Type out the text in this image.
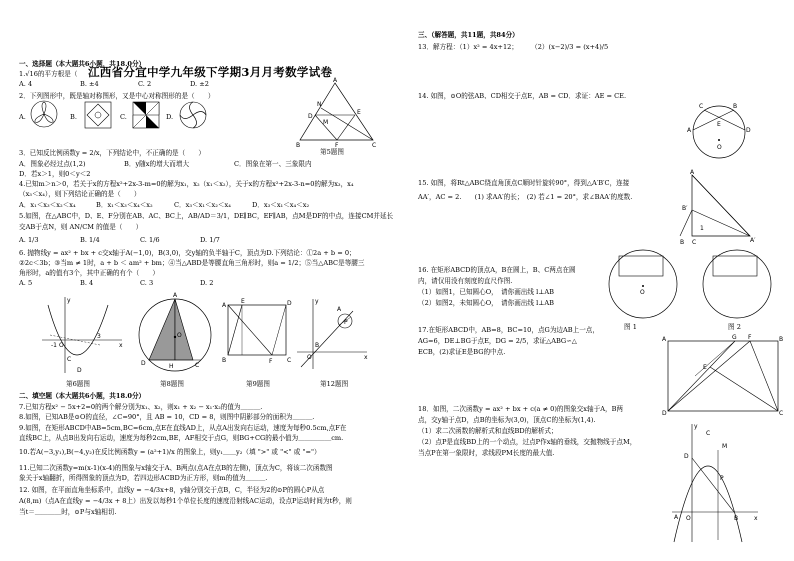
江西省分宜中学九年级下学期3月月考数学试卷
一、选择题（本大题共6小题，共18.0分）
1.√16的平方根是（　　）
A. 4	B. ±4	C. 2	D. ±2
2．下列图形中，既是轴对称图形，又是中心对称图形的是（　　）
A.	B.	C.	D.
3．已知反比例函数y = 2/x，下列结论中，不正确的是（　　）
A．图象必经过点(1,2)	B．y随x的增大而增大	C．图象在第一、三象限内
D．若x＞1，则0＜y＜2
4.已知m＞n＞0，若关于x的方程x²+2x-3-m=0的解为x₁，x₂（x₁＜x₂），关于x的方程x²+2x-3-n=0的解为x₃，x₄
（x₃＜x₄），则下列结论正确的是（　　）
A．x₁＜x₃＜x₂＜x₄	B．x₁＜x₃＜x₄＜x₂	C．x₃＜x₁＜x₂＜x₄	D．x₃＜x₁＜x₄＜x₂
5.如图，在△ABC中，D、E、F分别在AB、AC、BC上，AB/AD＝3/1，DE∥BC，EF∥AB，点M是DF的中点，连接CM并延长
交AB于点N，则 AN/CM 的值是（　　）
A. 1/3	B. 1/4	C. 1/6	D. 1/7
6. 抛物线y = ax² + bx + c交x轴于A(−1,0)，B(3,0)，交y轴的负半轴于C，顶点为D.下列结论：①2a + b = 0；
②2c＜3b；③当m ≠ 1时，a + b ＜ am² + bm；④当△ABD是等腰直角三角形时，则a = 1/2；⑤当△ABC是等腰三
角形时，a的值有3个，其中正确的有个（　　）
A. 5	B. 4	C. 3	D. 2
A
N
D
E
M
B	F	C
第5题图
y
x
-1 O
3
C
D
第6题图
A
O
D	H	C
第8题图
A
E	D
B	F C
第9题图
y
x
O
B
A
P
第12题图
二、填空题（本大题共6小题，共18.0分）
7.已知方程x² − 5x+2=0的两个解分别为x₁、x₂，则x₁ + x₂ − x₁·x₂的值为＿＿＿.
8.如图，已知AB是⊙O的直径，∠C=90°，且 AB = 10，CD = 8，则图中阴影部分的面积为＿＿＿.
9.如图，在矩形ABCD中AB=5cm,BC=6cm,点E在直线AD上，从点A出发向右运动，速度为每秒0.5cm,点F在
直线BC上，从点B出发向右运动，速度为每秒2cm,BE，AF相交于点G，则BG+CG的最小值为＿＿＿＿＿cm.
10.若A(−3,y₁),B(−4,y₂)在反比例函数y = (a²+1)/x 的图象上，则y₁＿＿y₂（填 ">" 或 "<" 或 "="）
11.已知二次函数y=m(x-1)(x-4)的图象与x轴交于A、B两点(点A在点B的左侧)，顶点为C，将该二次函数图
象关于x轴翻折，所得图象的顶点为D，若四边形ACBD为正方形，则m的值为＿＿＿.
12. 如图，在平面直角坐标系中，直线y = −4/3x+8，y轴分别交于点B，C，半径为2的⊙P的圆心P从点
A(8,m)（点A在直线y = −4/3x + 8上）出发以每秒1个单位长度的速度沿射线AC运动，设点P运动时间为t秒，则
当t＝＿＿＿＿时，⊙P与x轴相切.
三、（解答题，共11题，共84分）
13．解方程：（1）x² = 4x+12；　　　（2）(x−2)/3 = (x+4)/5
14. 如图，⊙O的弦AB、CD相交于点E，AB = CD．求证：AE = CE.
A
C	B
D
E
O
15. 如图，将Rt△ABC绕直角顶点C顺时针旋转90°，得到△A′B′C，连接
AA′，AC = 2.　　(1) 求AA′的长；　(2) 若∠1 = 20°，求∠BAA′的度数.
A
B′
B C	A′
1
16. 在矩形ABCD的顶点A，B在圆上，B、C两点在圆
内，请仅用没有刻度的直尺作图.
（1）如图1，已知圆心O，　请你画出线 l⊥AB
（2）如图2，未知圆心O，　请你画出线 l⊥AB
O
图 1	图 2
17.在矩形ABCD中，AB=8，BC=10，点G为边AB上一点，
AG=6，DE⊥BG于点E，DG = 2/5，求证△ABG∽△
ECB，(2)求证E是BG的中点.
A	G F	B
E
D	C
18．如图，二次函数y = ax² + bx + c(a ≠ 0)的图象交x轴于A，B两
点，交y轴于点D，点B的坐标为(3,0)，顶点C的坐标为(1,4).
（1）求二次函数的解析式和直线BD的解析式；
（2）点P是直线BD上的一个动点，过点P作x轴的垂线，交抛物线于点M，
当点P在第一象限时，求线段PM长度的最大值.
y
x
C
M
D
P
A O	B
